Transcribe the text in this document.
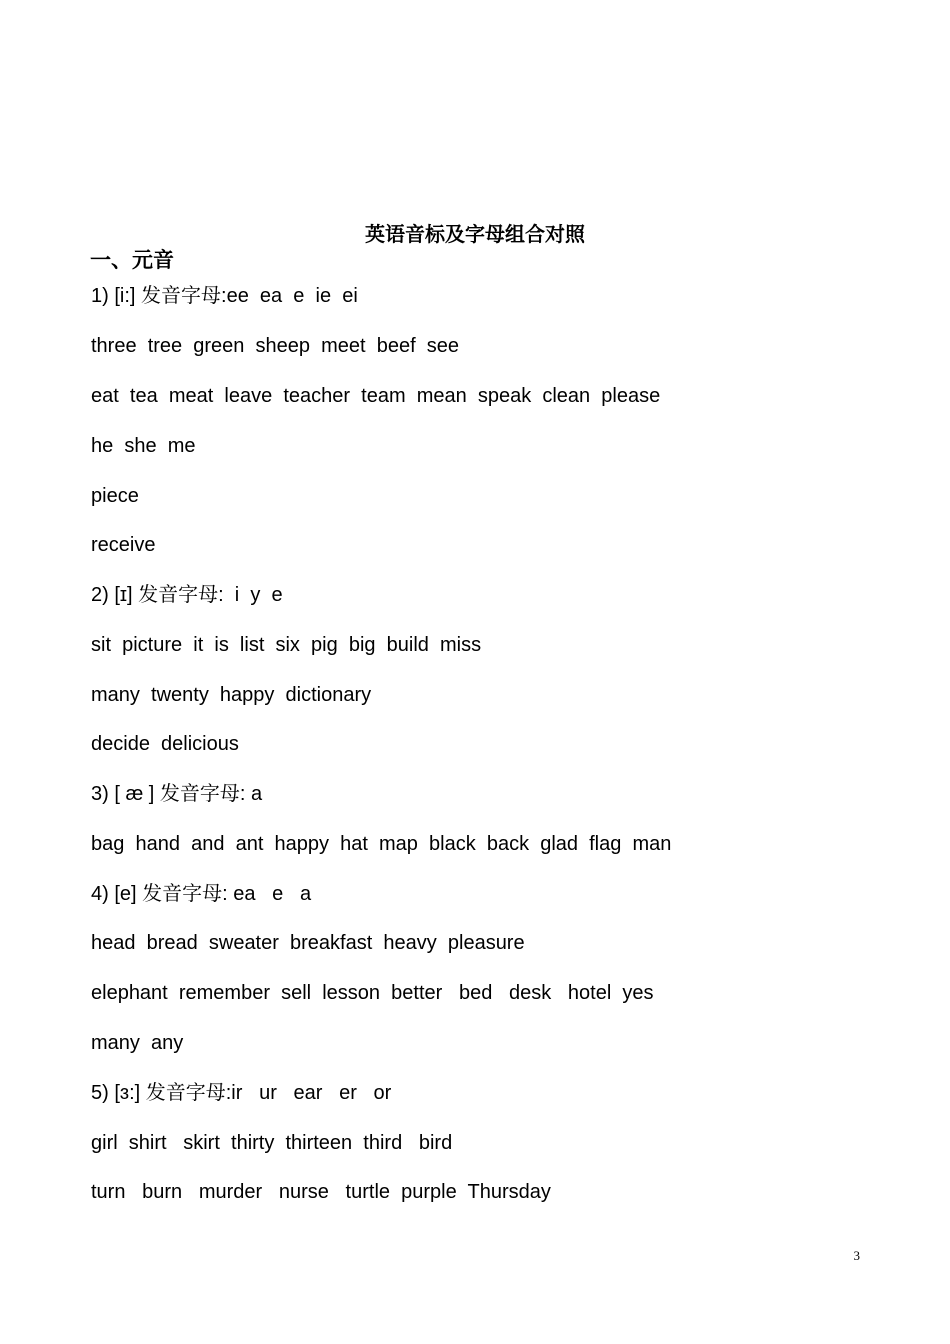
英语音标及字母组合对照
一、元音
1) [i:] 发音字母:ee  ea  e  ie  ei
three  tree  green  sheep  meet  beef  see
eat  tea  meat  leave  teacher  team  mean  speak  clean  please
he  she  me
piece
receive
2) [ɪ] 发音字母:  i  y  e
sit  picture  it  is  list  six  pig  big  build  miss
many  twenty  happy  dictionary
decide  delicious
3) [ æ ] 发音字母: a
bag  hand  and  ant  happy  hat  map  black  back  glad  flag  man
4) [e] 发音字母: ea   e   a
head  bread  sweater  breakfast  heavy  pleasure
elephant  remember  sell  lesson  better   bed   desk   hotel  yes
many  any
5) [ɜ:] 发音字母:ir   ur   ear   er   or
girl  shirt   skirt  thirty  thirteen  third   bird
turn   burn   murder   nurse   turtle  purple  Thursday
3
